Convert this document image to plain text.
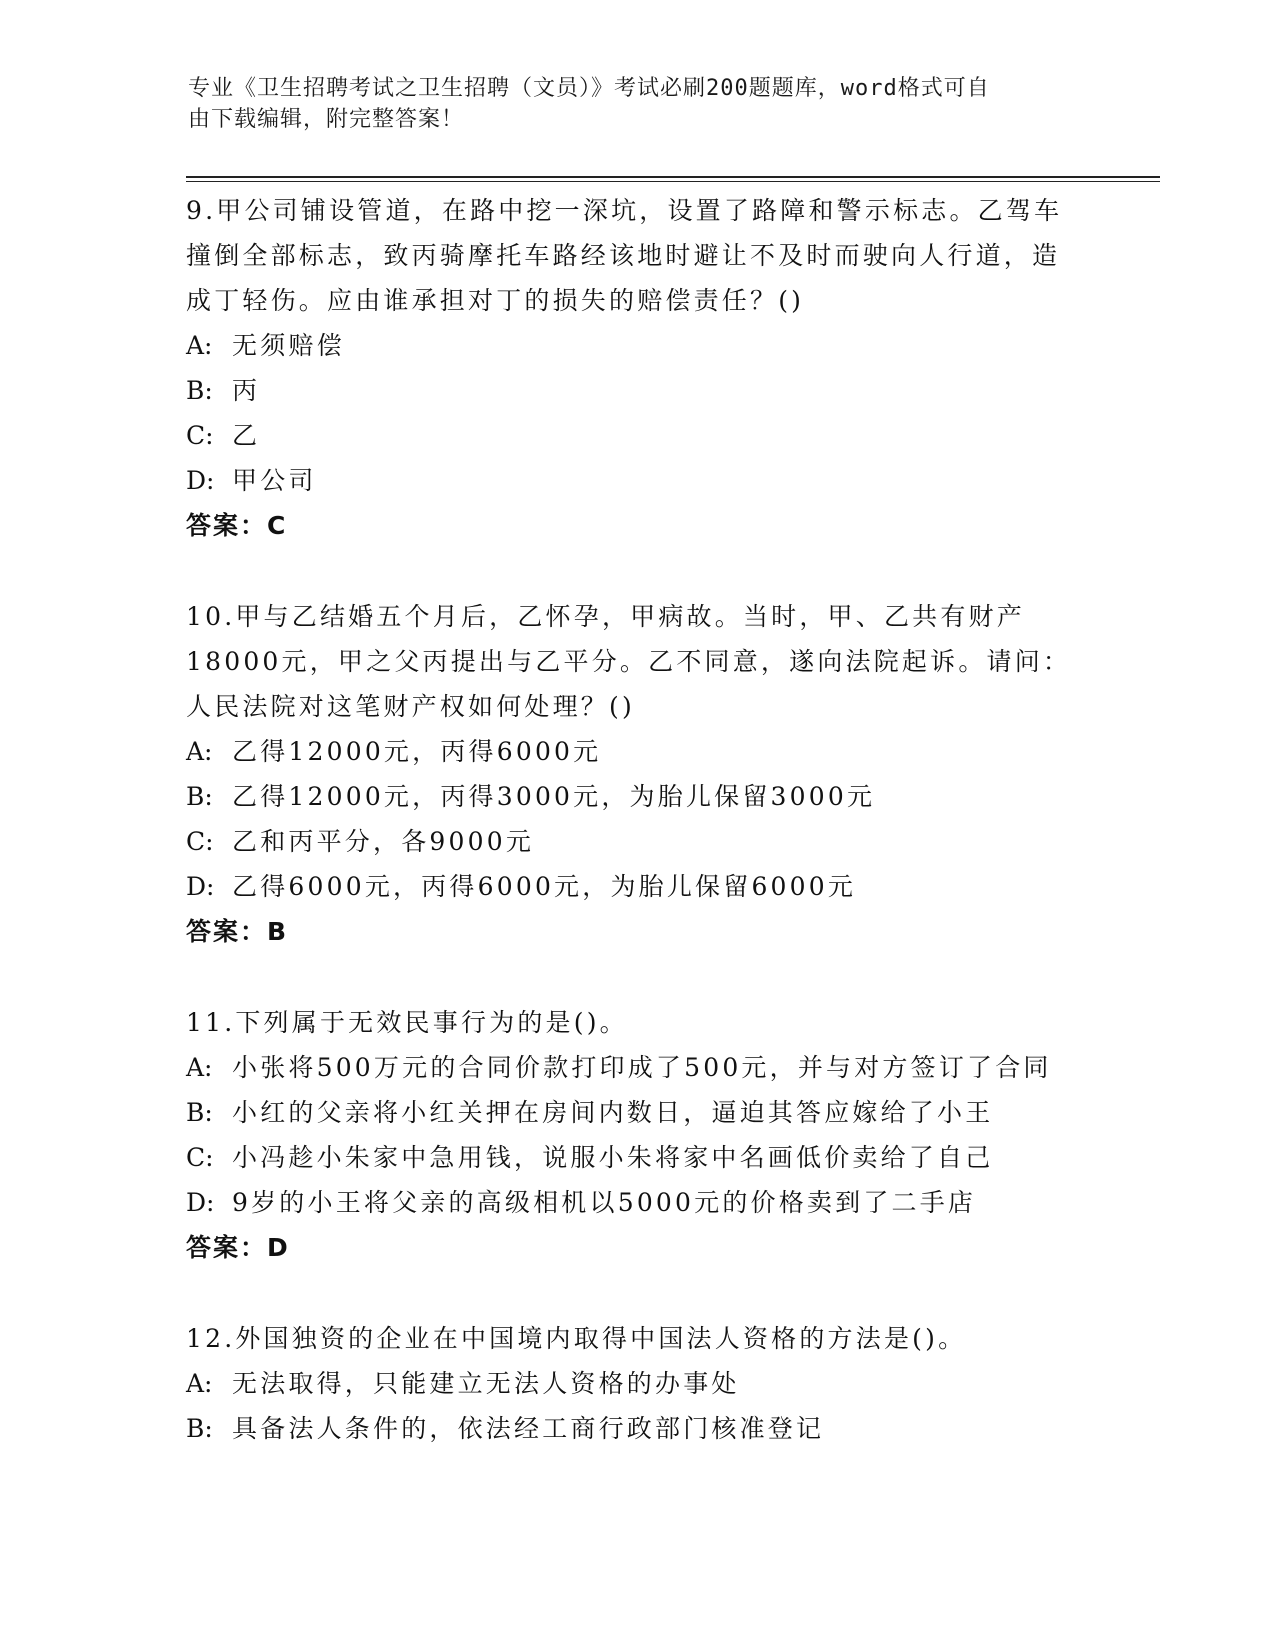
专业《卫生招聘考试之卫生招聘（文员）》考试必刷200题题库，word格式可自
由下载编辑，附完整答案！
9.甲公司铺设管道，在路中挖一深坑，设置了路障和警示标志。乙驾车撞倒全部标志，致丙骑摩托车路经该地时避让不及时而驶向人行道，造成丁轻伤。应由谁承担对丁的损失的赔偿责任？()
A: 无须赔偿
B: 丙
C: 乙
D: 甲公司
答案：C
10.甲与乙结婚五个月后，乙怀孕，甲病故。当时，甲、乙共有财产18000元，甲之父丙提出与乙平分。乙不同意，遂向法院起诉。请问：人民法院对这笔财产权如何处理？()
A: 乙得12000元，丙得6000元
B: 乙得12000元，丙得3000元，为胎儿保留3000元
C: 乙和丙平分，各9000元
D: 乙得6000元，丙得6000元，为胎儿保留6000元
答案：B
11.下列属于无效民事行为的是()。
A: 小张将500万元的合同价款打印成了500元，并与对方签订了合同
B: 小红的父亲将小红关押在房间内数日，逼迫其答应嫁给了小王
C: 小冯趁小朱家中急用钱，说服小朱将家中名画低价卖给了自己
D: 9岁的小王将父亲的高级相机以5000元的价格卖到了二手店
答案：D
12.外国独资的企业在中国境内取得中国法人资格的方法是()。
A: 无法取得，只能建立无法人资格的办事处
B: 具备法人条件的，依法经工商行政部门核准登记
